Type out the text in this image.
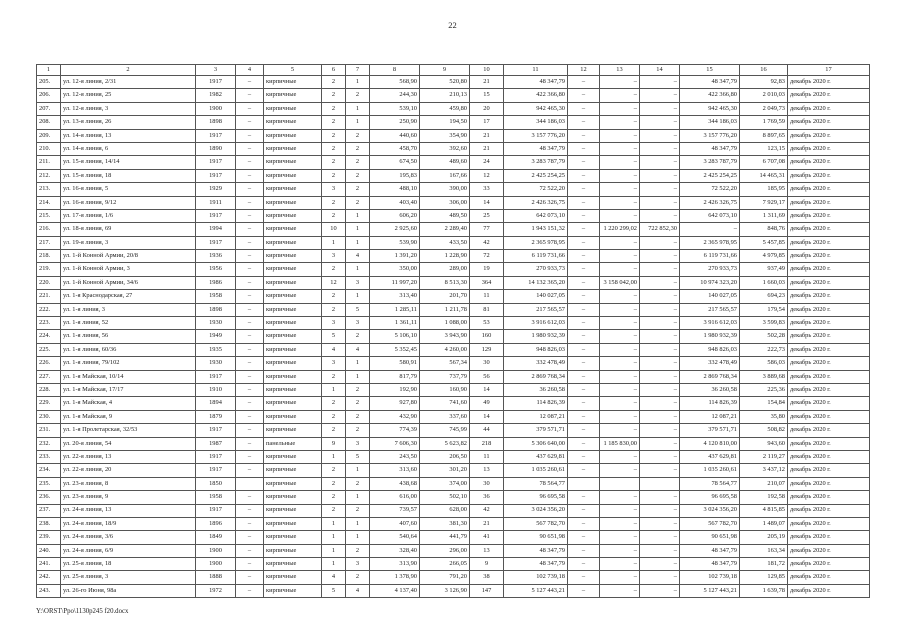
22
1	2	3	4	5	6	7	8	9	10	11	12	13	14	15	16	17
205.	ул. 12-я линия, 2/31	1917	–	кирпичные	2	1	568,90	520,80	21	48 347,79	–	–	–	48 347,79	92,83	декабрь 2020 г.
206.	ул. 12-я линия, 25	1982	–	кирпичные	2	2	244,30	210,13	15	422 366,80	–	–	–	422 366,80	2 010,03	декабрь 2020 г.
207.	ул. 12-я линия, 3	1900	–	кирпичные	2	1	539,10	459,80	20	942 465,30	–	–	–	942 465,30	2 049,73	декабрь 2020 г.
208.	ул. 13-я линия, 26	1898	–	кирпичные	2	1	250,90	194,50	17	344 186,03	–	–	–	344 186,03	1 769,59	декабрь 2020 г.
209.	ул. 14-я линия, 13	1917	–	кирпичные	2	2	440,60	354,90	21	3 157 776,20	–	–	–	3 157 776,20	8 897,65	декабрь 2020 г.
210.	ул. 14-я линия, 6	1890	–	кирпичные	2	2	458,70	392,60	21	48 347,79	–	–	–	48 347,79	123,15	декабрь 2020 г.
211.	ул. 15-я линия, 14/14	1917	–	кирпичные	2	2	674,50	489,60	24	3 283 787,79	–	–	–	3 283 787,79	6 707,08	декабрь 2020 г.
212.	ул. 15-я линия, 18	1917	–	кирпичные	2	2	195,83	167,66	12	2 425 254,25	–	–	–	2 425 254,25	14 465,31	декабрь 2020 г.
213.	ул. 16-я линия, 5	1929	–	кирпичные	3	2	488,10	390,00	33	72 522,20	–	–	–	72 522,20	185,95	декабрь 2020 г.
214.	ул. 16-я линия, 9/12	1911	–	кирпичные	2	2	403,40	306,00	14	2 426 326,75	–	–	–	2 426 326,75	7 929,17	декабрь 2020 г.
215.	ул. 17-я линия, 1/6	1917	–	кирпичные	2	1	606,20	489,50	25	642 073,10	–	–	–	642 073,10	1 311,69	декабрь 2020 г.
216.	ул. 18-я линия, 69	1994	–	кирпичные	10	1	2 925,60	2 289,40	77	1 943 151,32	–	1 220 299,02	722 852,30	–	848,76	декабрь 2020 г.
217.	ул. 19-я линия, 3	1917	–	кирпичные	1	1	539,90	433,50	42	2 365 978,95	–	–	–	2 365 978,95	5 457,85	декабрь 2020 г.
218.	ул. 1-й Конной Армии, 20/8	1936	–	кирпичные	3	4	1 391,20	1 228,90	72	6 119 731,66	–	–	–	6 119 731,66	4 979,85	декабрь 2020 г.
219.	ул. 1-й Конной Армии, 3	1956	–	кирпичные	2	1	350,00	289,00	19	270 933,73	–	–	–	270 933,73	937,49	декабрь 2020 г.
220.	ул. 1-й Конной Армии, 34/6	1986	–	кирпичные	12	3	11 997,20	8 513,30	364	14 132 365,20	–	3 158 042,00	–	10 974 323,20	1 660,03	декабрь 2020 г.
221.	ул. 1-я Краснодарская, 27	1958	–	кирпичные	2	1	313,40	201,70	11	140 027,05	–	–	–	140 027,05	694,23	декабрь 2020 г.
222.	ул. 1-я линия, 3	1898	–	кирпичные	2	5	1 285,11	1 211,78	81	217 565,57	–	–	–	217 565,57	179,54	декабрь 2020 г.
223.	ул. 1-я линия, 52	1930	–	кирпичные	3	3	1 361,11	1 088,00	53	3 916 612,03	–	–	–	3 916 612,03	3 599,83	декабрь 2020 г.
224.	ул. 1-я линия, 56	1949	–	кирпичные	5	2	5 106,10	3 943,90	160	1 980 932,39	–	–	–	1 980 932,39	502,28	декабрь 2020 г.
225.	ул. 1-я линия, 60/36	1935	–	кирпичные	4	4	5 352,45	4 260,00	129	948 826,03	–	–	–	948 826,03	222,73	декабрь 2020 г.
226.	ул. 1-я линия, 79/102	1930	–	кирпичные	3	1	580,91	567,34	30	332 478,49	–	–	–	332 478,49	586,03	декабрь 2020 г.
227.	ул. 1-я Майская, 10/14	1917	–	кирпичные	2	1	817,79	737,79	56	2 869 768,34	–	–	–	2 869 768,34	3 889,68	декабрь 2020 г.
228.	ул. 1-я Майская, 17/17	1910	–	кирпичные	1	2	192,90	160,90	14	36 260,58	–	–	–	36 260,58	225,36	декабрь 2020 г.
229.	ул. 1-я Майская, 4	1894	–	кирпичные	2	2	927,80	741,60	49	114 826,39	–	–	–	114 826,39	154,84	декабрь 2020 г.
230.	ул. 1-я Майская, 9	1879	–	кирпичные	2	2	432,90	337,60	14	12 087,21	–	–	–	12 087,21	35,80	декабрь 2020 г.
231.	ул. 1-я Пролетарская, 32/53	1917	–	кирпичные	2	2	774,39	745,99	44	379 571,71	–	–	–	379 571,71	508,82	декабрь 2020 г.
232.	ул. 20-я линия, 54	1987	–	панельные	9	3	7 606,30	5 623,82	218	5 306 640,00	–	1 185 830,00	–	4 120 810,00	943,60	декабрь 2020 г.
233.	ул. 22-я линия, 13	1917	–	кирпичные	1	5	243,50	206,50	11	437 629,81	–	–	–	437 629,81	2 119,27	декабрь 2020 г.
234.	ул. 22-я линия, 20	1917	–	кирпичные	2	1	313,60	301,20	13	1 035 260,61	–	–	–	1 035 260,61	3 437,12	декабрь 2020 г.
235.	ул. 23-я линия, 8	1850		кирпичные	2	2	438,68	374,00	30	78 564,77				78 564,77	210,07	декабрь 2020 г.
236.	ул. 23-я линия, 9	1958	–	кирпичные	2	1	616,00	502,10	36	96 695,58	–	–	–	96 695,58	192,58	декабрь 2020 г.
237.	ул. 24-я линия, 13	1917	–	кирпичные	2	2	739,57	628,00	42	3 024 356,20	–	–	–	3 024 356,20	4 815,85	декабрь 2020 г.
238.	ул. 24-я линия, 18/9	1896	–	кирпичные	1	1	407,60	381,30	21	567 782,70	–	–	–	567 782,70	1 489,07	декабрь 2020 г.
239.	ул. 24-я линия, 3/6	1849	–	кирпичные	1	1	540,64	441,79	41	90 651,98	–	–	–	90 651,98	205,19	декабрь 2020 г.
240.	ул. 24-я линия, 6/9	1900	–	кирпичные	1	2	328,40	296,00	13	48 347,79	–	–	–	48 347,79	163,34	декабрь 2020 г.
241.	ул. 25-я линия, 18	1900	–	кирпичные	1	3	313,90	266,05	9	48 347,79	–	–	–	48 347,79	181,72	декабрь 2020 г.
242.	ул. 25-я линия, 3	1888	–	кирпичные	4	2	1 378,90	791,20	38	102 739,18	–	–	–	102 739,18	129,85	декабрь 2020 г.
243.	ул. 26-го Июня, 98а	1972	–	кирпичные	5	4	4 137,40	3 126,90	147	5 127 443,21	–	–	–	5 127 443,21	1 639,78	декабрь 2020 г.
Y:\ORST\Ppo\1130p245 f20.docx
